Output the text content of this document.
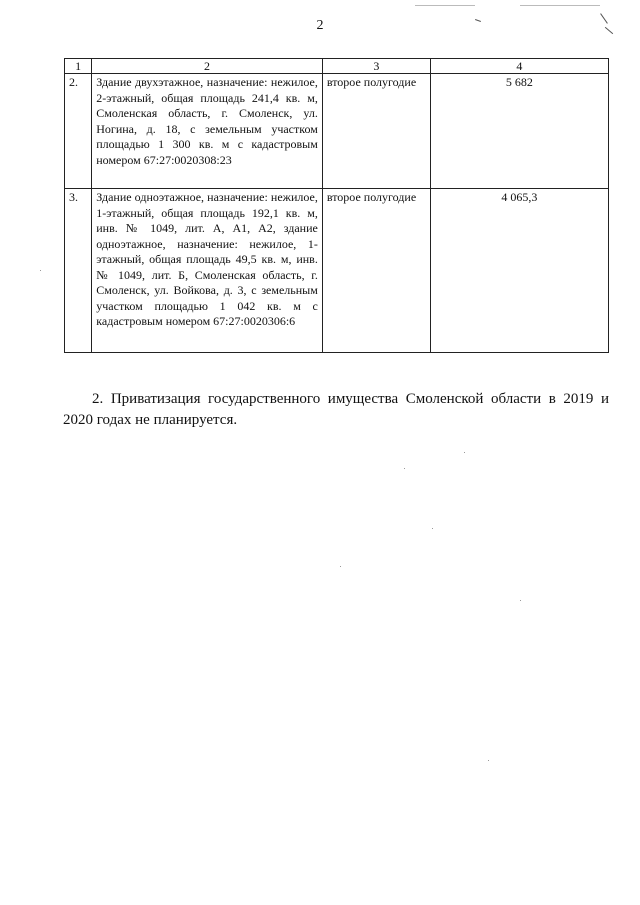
2
1	2	3	4
2.	Здание двухэтажное, назначение: нежилое, 2-этажный, общая площадь 241,4 кв. м, Смоленская область, г. Смоленск, ул. Ногина, д. 18, с земельным участком площадью 1 300 кв. м с кадастровым номером 67:27:0020308:23	второе полугодие	5 682
3.	Здание одноэтажное, назначение: нежилое, 1-этажный, общая площадь 192,1 кв. м, инв. № 1049, лит. А, А1, А2, здание одноэтажное, назначение: нежилое, 1-этажный, общая площадь 49,5 кв. м, инв. № 1049, лит. Б, Смоленская область, г. Смоленск, ул. Войкова, д. 3, с земельным участком площадью 1 042 кв. м с кадастровым номером 67:27:0020306:6	второе полугодие	4 065,3

2. Приватизация государственного имущества Смоленской области в 2019 и 2020 годах не планируется.
